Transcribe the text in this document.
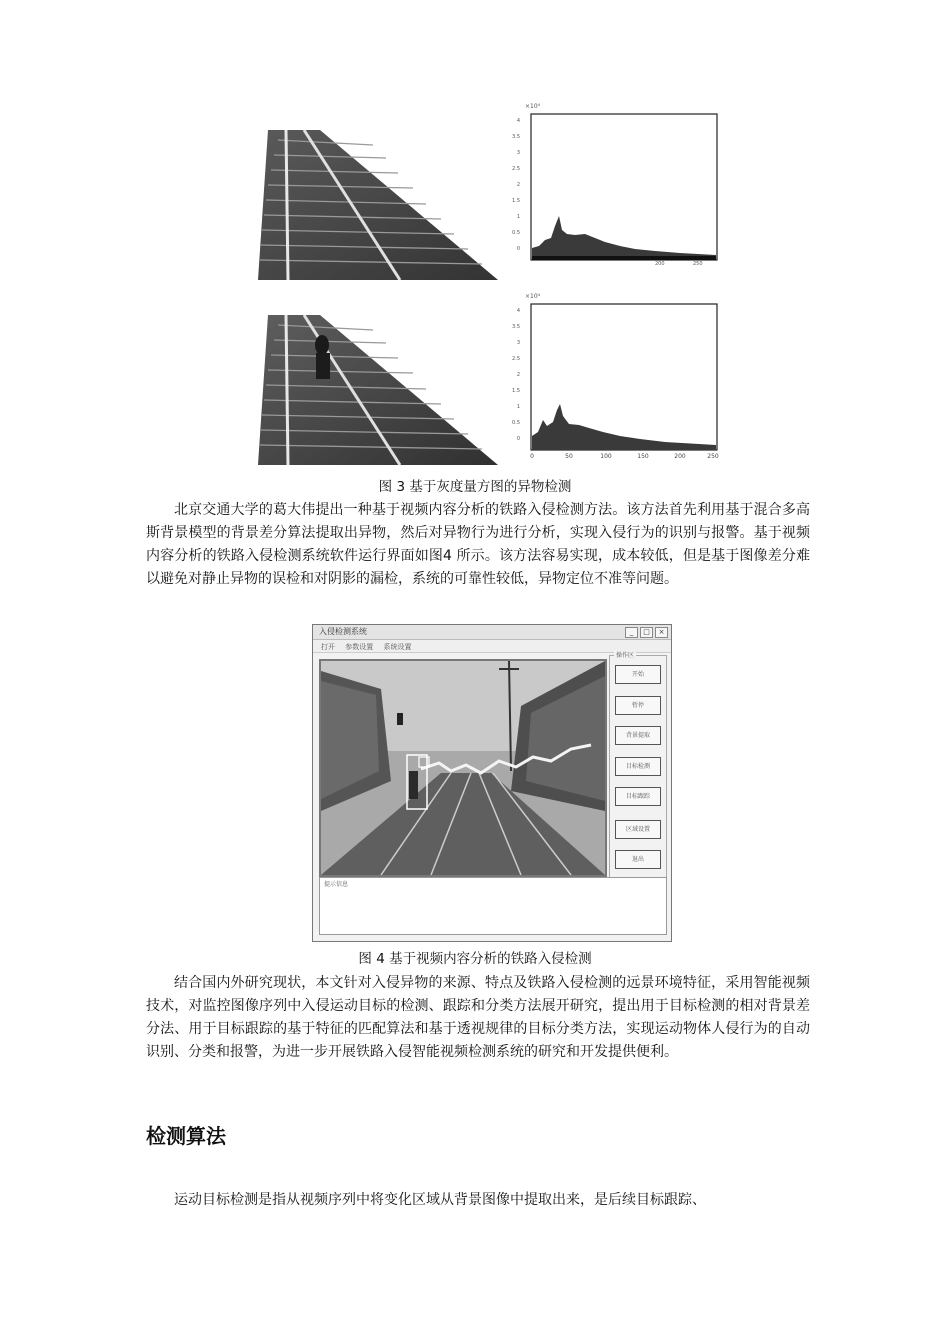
×10⁴
4
3.5
3
2.5
2
1.5
1
0.5
0
200	250
×10⁴
4
3.5
3
2.5
2
1.5
1
0.5
0
0	50	100	150	200	250
图 3 基于灰度量方图的异物检测

北京交通大学的葛大伟提出一种基于视频内容分析的铁路入侵检测方法。该方法首先利用基于混合多高斯背景模型的背景差分算法提取出异物，然后对异物行为进行分析，实现入侵行为的识别与报警。基于视频内容分析的铁路入侵检测系统软件运行界面如图4 所示。该方法容易实现，成本较低，但是基于图像差分难以避免对静止异物的误检和对阴影的漏检，系统的可靠性较低，异物定位不准等问题。

入侵检测系统	_ □ ×
打开 参数设置 系统设置
操作区
开始
暂停
背景提取
目标检测
目标跟踪
区域设置
退出
提示信息
图 4 基于视频内容分析的铁路入侵检测

结合国内外研究现状，本文针对入侵异物的来源、特点及铁路入侵检测的远景环境特征，采用智能视频技术，对监控图像序列中入侵运动目标的检测、跟踪和分类方法展开研究，提出用于目标检测的相对背景差分法、用于目标跟踪的基于特征的匹配算法和基于透视规律的目标分类方法，实现运动物体人侵行为的自动识别、分类和报警，为进一步开展铁路入侵智能视频检测系统的研究和开发提供便利。

检测算法

运动目标检测是指从视频序列中将变化区域从背景图像中提取出来，是后续目标跟踪、
